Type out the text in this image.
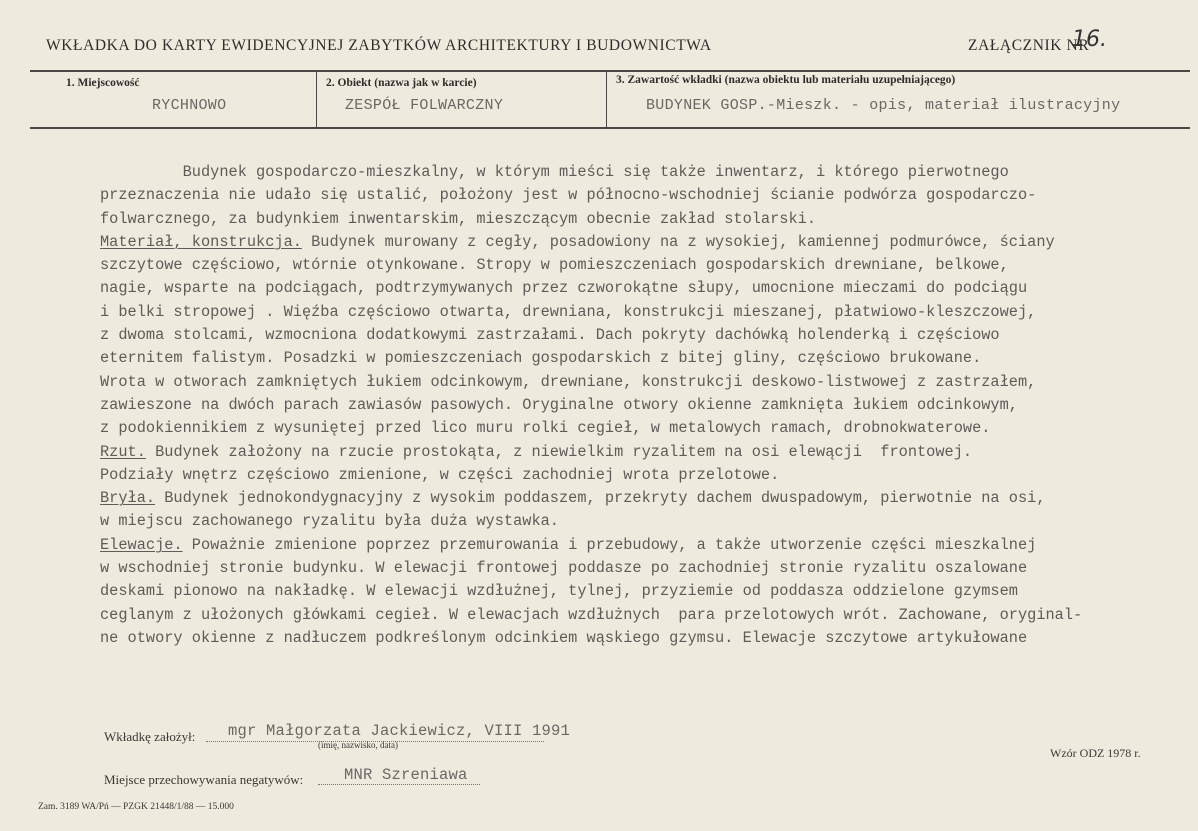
WKŁADKA DO KARTY EWIDENCYJNEJ ZABYTKÓW ARCHITEKTURY I BUDOWNICTWA	ZAŁĄCZNIK NR
16.
1. Miejscowość
RYCHNOWO
2. Obiekt (nazwa jak w karcie)
ZESPÓŁ FOLWARCZNY
3. Zawartość wkładki (nazwa obiektu lub materiału uzupełniającego)
BUDYNEK GOSP.-Mieszk. - opis, materiał ilustracyjny
Budynek gospodarczo-mieszkalny, w którym mieści się także inwentarz, i którego pierwotnego
przeznaczenia nie udało się ustalić, położony jest w północno-wschodniej ścianie podwórza gospodarczo-
folwarcznego, za budynkiem inwentarskim, mieszczącym obecnie zakład stolarski.
Materiał, konstrukcja. Budynek murowany z cegły, posadowiony na z wysokiej, kamiennej podmurówce, ściany
szczytowe częściowo, wtórnie otynkowane. Stropy w pomieszczeniach gospodarskich drewniane, belkowe,
nagie, wsparte na podciągach, podtrzymywanych przez czworokątne słupy, umocnione mieczami do podciągu
i belki stropowej . Więźba częściowo otwarta, drewniana, konstrukcji mieszanej, płatwiowo-kleszczowej,
z dwoma stolcami, wzmocniona dodatkowymi zastrzałami. Dach pokryty dachówką holenderką i częściowo
eternitem falistym. Posadzki w pomieszczeniach gospodarskich z bitej gliny, częściowo brukowane.
Wrota w otworach zamkniętych łukiem odcinkowym, drewniane, konstrukcji deskowo-listwowej z zastrzałem,
zawieszone na dwóch parach zawiasów pasowych. Oryginalne otwory okienne zamknięta łukiem odcinkowym,
z podokiennikiem z wysuniętej przed lico muru rolki cegieł, w metalowych ramach, drobnokwaterowe.
Rzut. Budynek założony na rzucie prostokąta, z niewielkim ryzalitem na osi elewącji  frontowej.
Podziały wnętrz częściowo zmienione, w części zachodniej wrota przelotowe.
Bryła. Budynek jednokondygnacyjny z wysokim poddaszem, przekryty dachem dwuspadowym, pierwotnie na osi,
w miejscu zachowanego ryzalitu była duża wystawka.
Elewacje. Poważnie zmienione poprzez przemurowania i przebudowy, a także utworzenie części mieszkalnej
w wschodniej stronie budynku. W elewacji frontowej poddasze po zachodniej stronie ryzalitu oszalowane
deskami pionowo na nakładkę. W elewacji wzdłużnej, tylnej, przyziemie od poddasza oddzielone gzymsem
ceglanym z ułożonych główkami cegieł. W elewacjach wzdłużnych  para przelotowych wrót. Zachowane, oryginal-
ne otwory okienne z nadłuczem podkreślonym odcinkiem wąskiego gzymsu. Elewacje szczytowe artykułowane
Wkładkę założył: mgr Małgorzata Jackiewicz, VIII 1991
(imię, nazwisko, data)
Wzór ODZ 1978 r.
Miejsce przechowywania negatywów:	MNR Szreniawa
Zam. 3189 WA/Pń — PZGK 21448/1/88 — 15.000
